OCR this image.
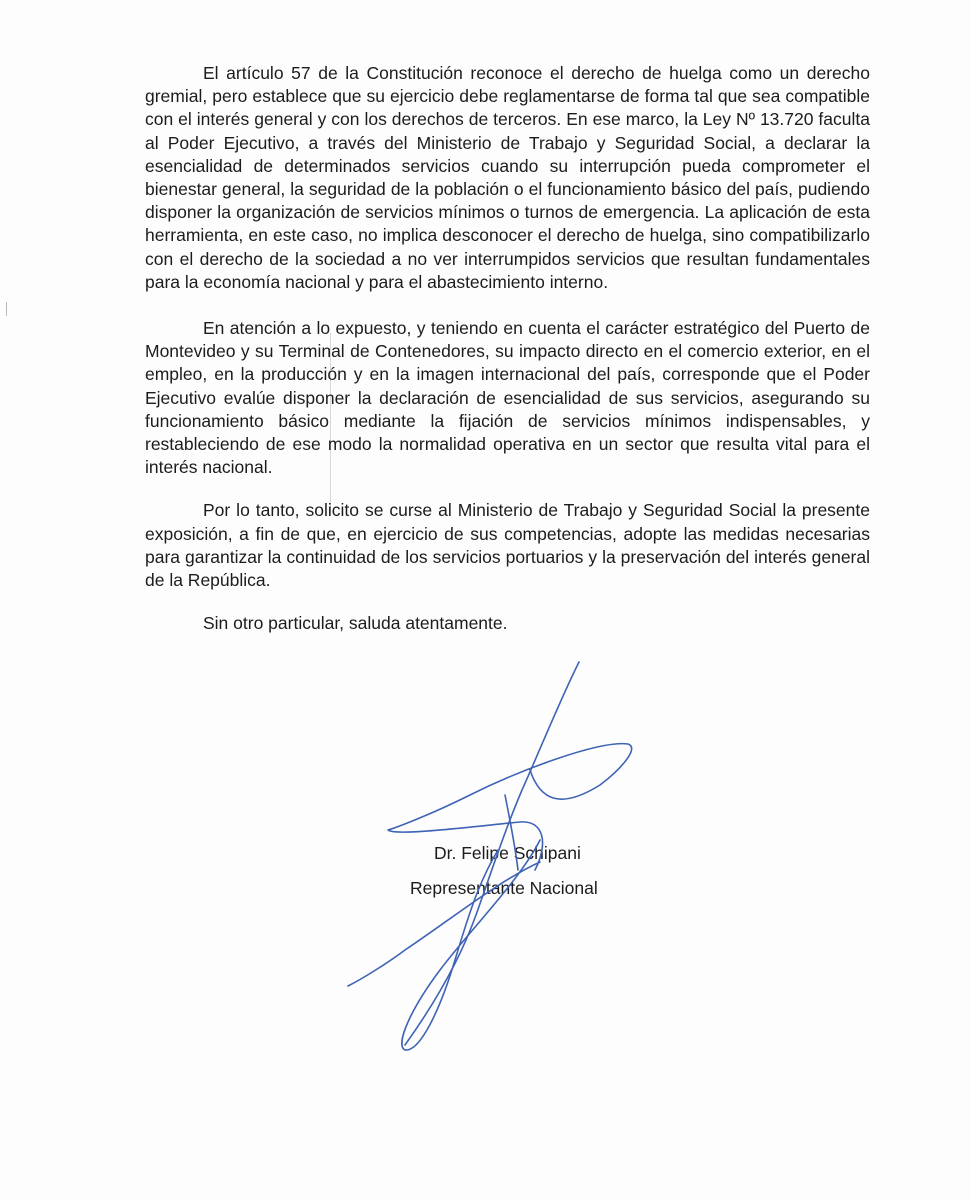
El artículo 57 de la Constitución reconoce el derecho de huelga como un derecho gremial, pero establece que su ejercicio debe reglamentarse de forma tal que sea compatible con el interés general y con los derechos de terceros. En ese marco, la Ley Nº 13.720 faculta al Poder Ejecutivo, a través del Ministerio de Trabajo y Seguridad Social, a declarar la esencialidad de determinados servicios cuando su interrupción pueda comprometer el bienestar general, la seguridad de la población o el funcionamiento básico del país, pudiendo disponer la organización de servicios mínimos o turnos de emergencia. La aplicación de esta herramienta, en este caso, no implica desconocer el derecho de huelga, sino compatibilizarlo con el derecho de la sociedad a no ver interrumpidos servicios que resultan fundamentales para la economía nacional y para el abastecimiento interno.

En atención a lo expuesto, y teniendo en cuenta el carácter estratégico del Puerto de Montevideo y su Terminal de Contenedores, su impacto directo en el comercio exterior, en el empleo, en la producción y en la imagen internacional del país, corresponde que el Poder Ejecutivo evalúe disponer la declaración de esencialidad de sus servicios, asegurando su funcionamiento básico mediante la fijación de servicios mínimos indispensables, y restableciendo de ese modo la normalidad operativa en un sector que resulta vital para el interés nacional.

Por lo tanto, solicito se curse al Ministerio de Trabajo y Seguridad Social la presente exposición, a fin de que, en ejercicio de sus competencias, adopte las medidas necesarias para garantizar la continuidad de los servicios portuarios y la preservación del interés general de la República.

Sin otro particular, saluda atentamente.

Dr. Felipe Schipani
Representante Nacional
